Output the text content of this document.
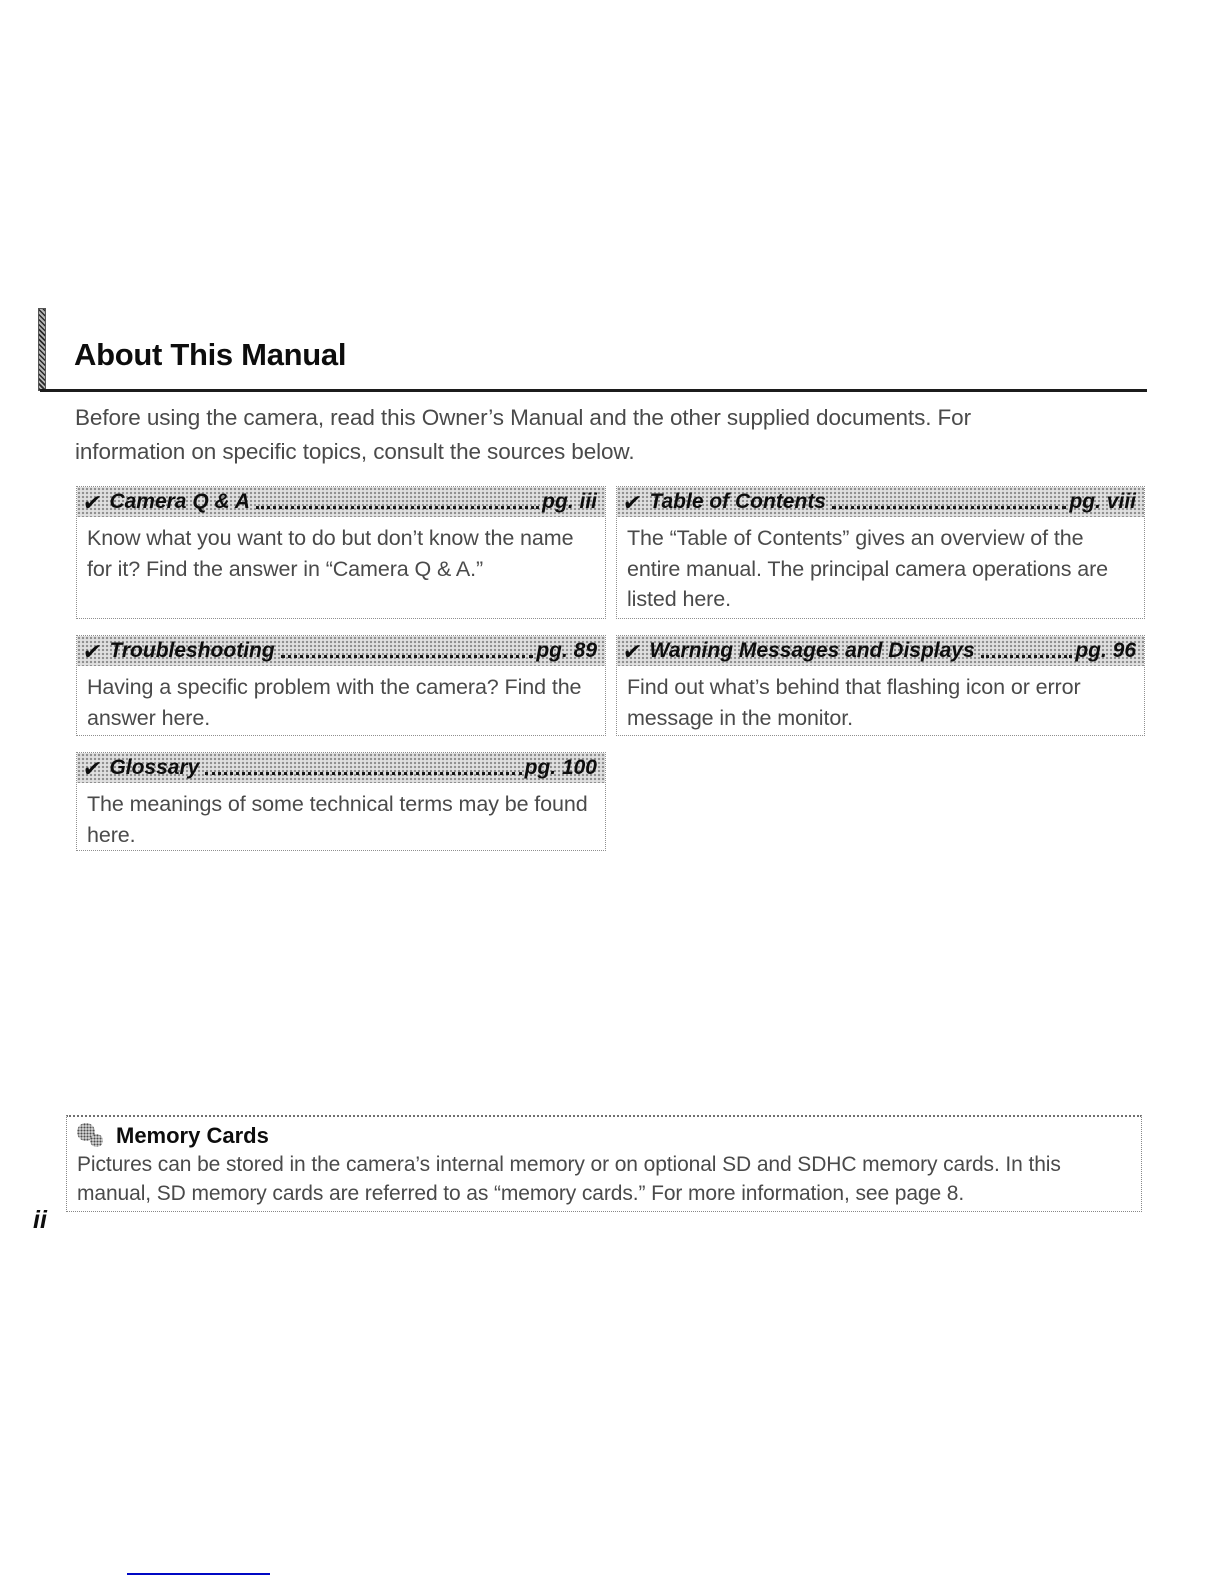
About This Manual

Before using the camera, read this Owner’s Manual and the other supplied documents. For
information on specific topics, consult the sources below.

✔ Camera Q & A	pg. iii
Know what you want to do but don’t know the name for it? Find the answer in “Camera Q & A.”
✔ Table of Contents	pg. viii
The “Table of Contents” gives an overview of the entire manual. The principal camera operations are listed here.
✔ Troubleshooting	pg. 89
Having a specific problem with the camera? Find the answer here.
✔ Warning Messages and Displays	pg. 96
Find out what’s behind that flashing icon or error message in the monitor.
✔ Glossary	pg. 100
The meanings of some technical terms may be found here.
Memory Cards
Pictures can be stored in the camera’s internal memory or on optional SD and SDHC memory cards. In this manual, SD memory cards are referred to as “memory cards.” For more information, see page 8.
ii
